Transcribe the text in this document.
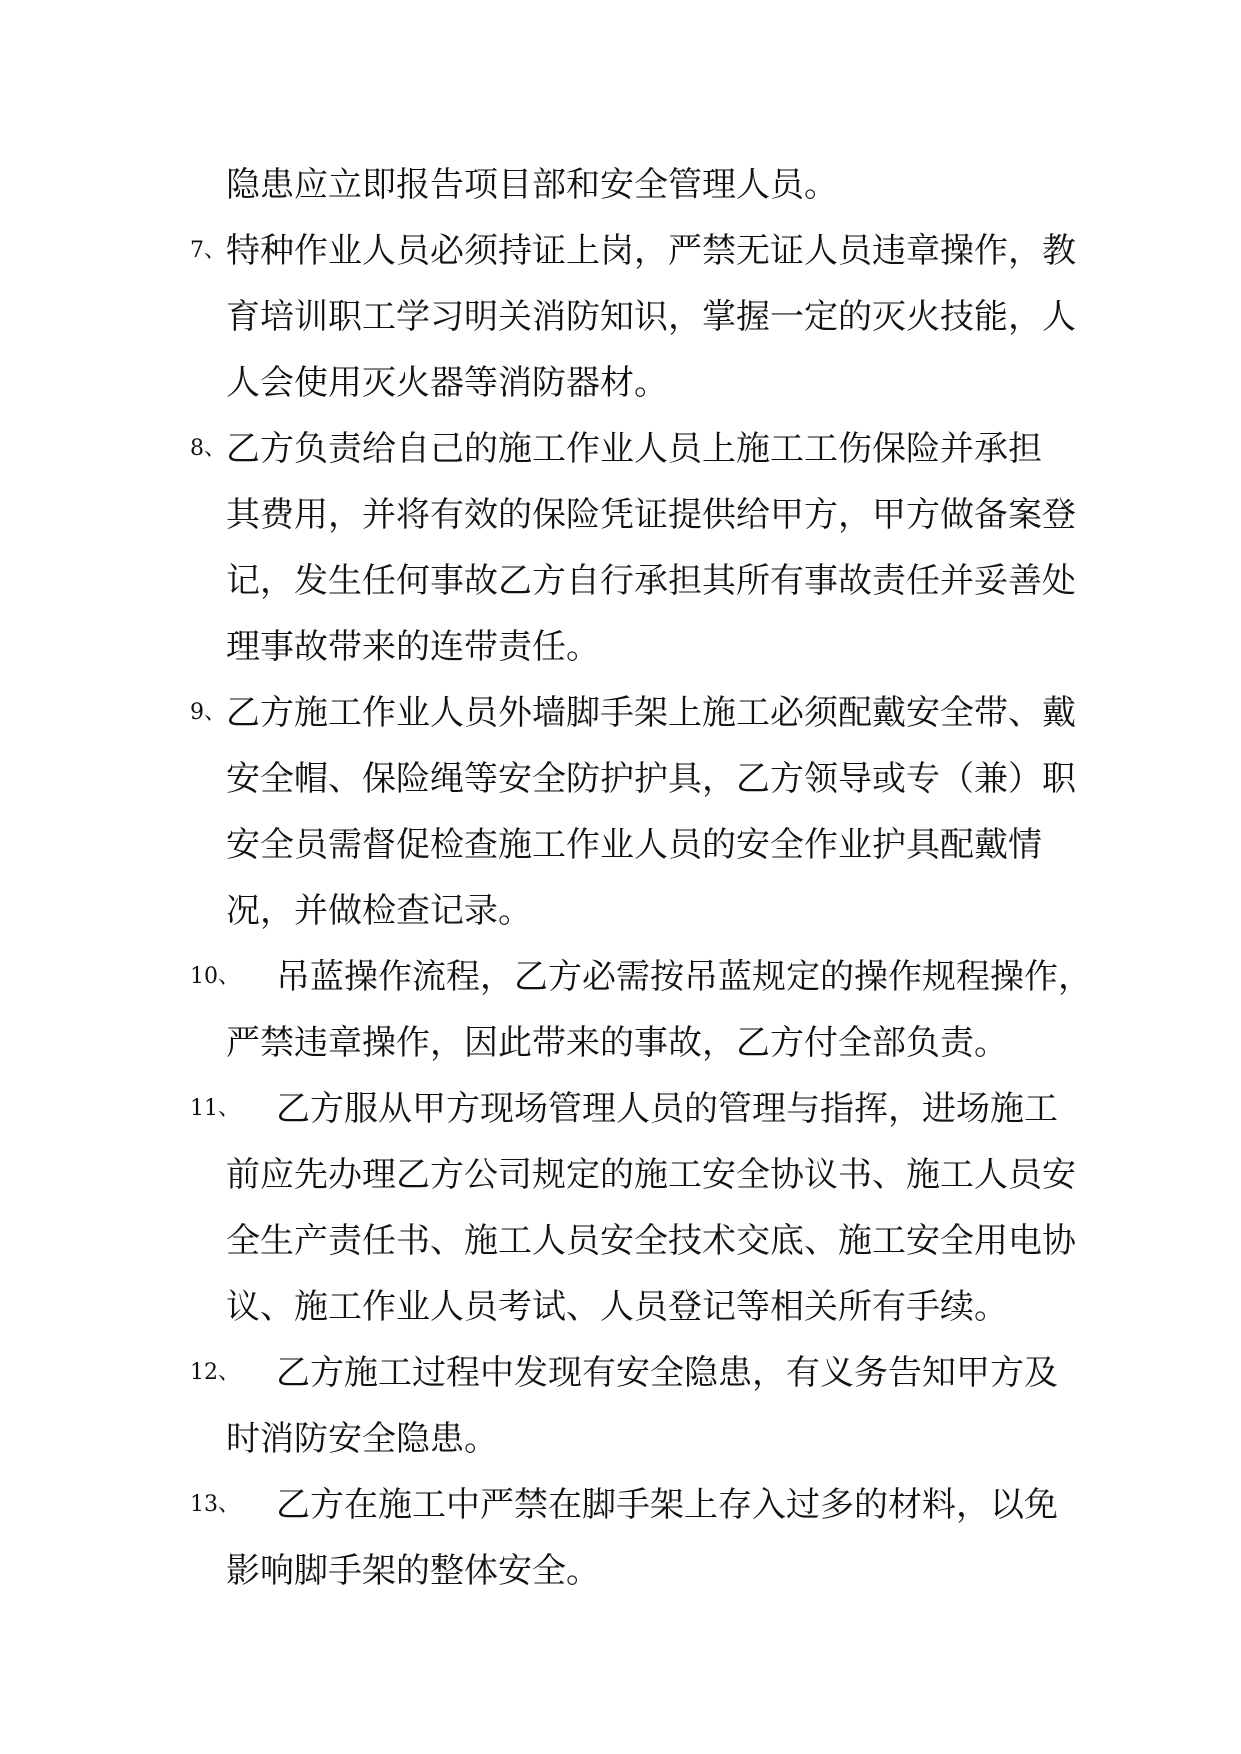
隐患应立即报告项目部和安全管理人员。
7、 特种作业人员必须持证上岗，严禁无证人员违章操作，教
育培训职工学习明关消防知识，掌握一定的灭火技能，人
人会使用灭火器等消防器材。
8、 乙方负责给自己的施工作业人员上施工工伤保险并承担
其费用，并将有效的保险凭证提供给甲方，甲方做备案登
记，发生任何事故乙方自行承担其所有事故责任并妥善处
理事故带来的连带责任。
9、 乙方施工作业人员外墙脚手架上施工必须配戴安全带、戴
安全帽、保险绳等安全防护护具，乙方领导或专（兼）职
安全员需督促检查施工作业人员的安全作业护具配戴情
况，并做检查记录。
10、 吊蓝操作流程，乙方必需按吊蓝规定的操作规程操作，
严禁违章操作，因此带来的事故，乙方付全部负责。
11、 乙方服从甲方现场管理人员的管理与指挥，进场施工
前应先办理乙方公司规定的施工安全协议书、施工人员安
全生产责任书、施工人员安全技术交底、施工安全用电协
议、施工作业人员考试、人员登记等相关所有手续。
12、 乙方施工过程中发现有安全隐患，有义务告知甲方及
时消防安全隐患。
13、 乙方在施工中严禁在脚手架上存入过多的材料，以免
影响脚手架的整体安全。
